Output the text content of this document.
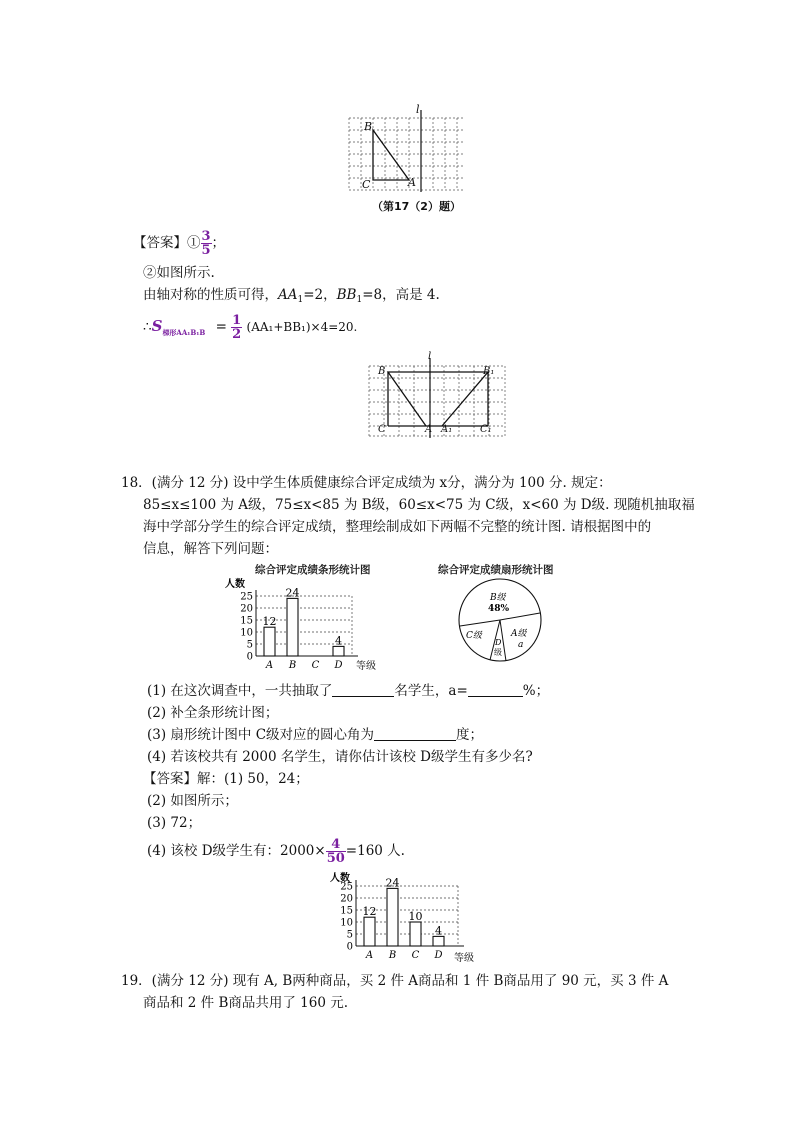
l
B
C	A
（第17（2）题）
【答案】① $\frac{3}{5}$ ；
②如图所示.
由轴对称的性质可得，$AA_1=2$，$BB_1=8$，高是 4.
$\therefore S_{梯形AA_1B_1B} = \frac{1}{2} (AA_1+BB_1)\times 4=20$.
l
B	B₁
C	A A₁	C₁
18．(满分 12 分) 设中学生体质健康综合评定成绩为 x分，满分为 100 分. 规定：
85≤x≤100 为 A级，75≤x<85 为 B级，60≤x<75 为 C级，x<60 为 D级. 现随机抽取福
海中学部分学生的综合评定成绩，整理绘制成如下两幅不完整的统计图. 请根据图中的
信息，解答下列问题：
综合评定成绩条形统计图
0
5
10
15
20
25
A B C D
12
24
4
人数
等级
综合评定成绩扇形统计图
B级
48%
C级
D
级
A级
a
(1) 在这次调查中，一共抽取了	名学生，a=	%；
(2) 补全条形统计图；
(3) 扇形统计图中 C级对应的圆心角为	度；
(4) 若该校共有 2000 名学生，请你估计该校 D级学生有多少名?
【答案】解：(1) 50，24；
(2) 如图所示；
(3) 72；
(4) 该校 D级学生有：$2000\times \frac{4}{50} =160$ 人.
0
5
10
15
20
25
A B C D
12
24
10
4
人数
等级
19．(满分 12 分) 现有 A, B两种商品，买 2 件 A商品和 1 件 B商品用了 90 元，买 3 件 A
商品和 2 件 B商品共用了 160 元.
